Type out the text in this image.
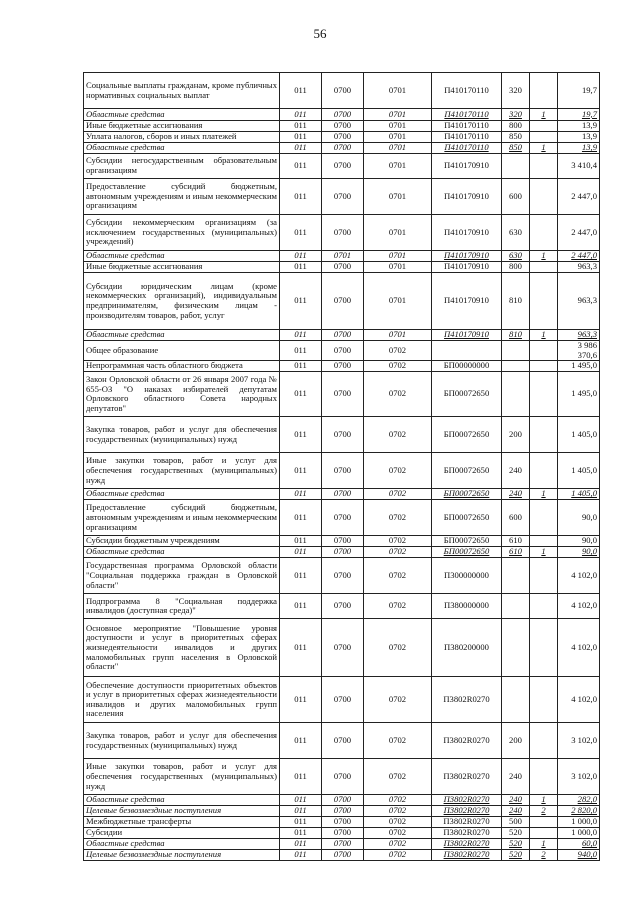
56
Социальные выплаты гражданам, кроме публичных нормативных социальных выплат	011	0700	0701	П410170110	320		19,7
Областные средства	011	0700	0701	П410170110	320	1	19,7
Иные бюджетные ассигнования	011	0700	0701	П410170110	800		13,9
Уплата налогов, сборов и иных платежей	011	0700	0701	П410170110	850		13,9
Областные средства	011	0700	0701	П410170110	850	1	13,9
Субсидии негосударственным образовательным организациям	011	0700	0701	П410170910			3 410,4
Предоставление субсидий бюджетным, автономным учреждениям и иным некоммерческим организациям	011	0700	0701	П410170910	600		2 447,0
Субсидии некоммерческим организациям (за исключением государственных (муниципальных) учреждений)	011	0700	0701	П410170910	630		2 447,0
Областные средства	011	0701	0701	П410170910	630	1	2 447,0
Иные бюджетные ассигнования	011	0700	0701	П410170910	800		963,3
Субсидии юридическим лицам (кроме некоммерческих организаций), индивидуальным предпринимателям, физическим лицам - производителям товаров, работ, услуг	011	0700	0701	П410170910	810		963,3
Областные средства	011	0700	0701	П410170910	810	1	963,3
Общее образование	011	0700	0702				3 986 370,6
Непрограммная часть областного бюджета	011	0700	0702	БП00000000			1 495,0
Закон Орловской области от 26 января 2007 года № 655-ОЗ "О наказах избирателей депутатам Орловского областного Совета народных депутатов"	011	0700	0702	БП00072650			1 495,0
Закупка товаров, работ и услуг для обеспечения государственных (муниципальных) нужд	011	0700	0702	БП00072650	200		1 405,0
Иные закупки товаров, работ и услуг для обеспечения государственных (муниципальных) нужд	011	0700	0702	БП00072650	240		1 405,0
Областные средства	011	0700	0702	БП00072650	240	1	1 405,0
Предоставление субсидий бюджетным, автономным учреждениям и иным некоммерческим организациям	011	0700	0702	БП00072650	600		90,0
Субсидии бюджетным учреждениям	011	0700	0702	БП00072650	610		90,0
Областные средства	011	0700	0702	БП00072650	610	1	90,0
Государственная программа Орловской области "Социальная поддержка граждан в Орловской области"	011	0700	0702	П300000000			4 102,0
Подпрограмма 8 "Социальная поддержка инвалидов (доступная среда)"	011	0700	0702	П380000000			4 102,0
Основное мероприятие "Повышение уровня доступности и услуг в приоритетных сферах жизнедеятельности инвалидов и других маломобильных групп населения в Орловской области"	011	0700	0702	П380200000			4 102,0
Обеспечение доступности приоритетных объектов и услуг в приоритетных сферах жизнедеятельности инвалидов и других маломобильных групп населения	011	0700	0702	П3802R0270			4 102,0
Закупка товаров, работ и услуг для обеспечения государственных (муниципальных) нужд	011	0700	0702	П3802R0270	200		3 102,0
Иные закупки товаров, работ и услуг для обеспечения государственных (муниципальных) нужд	011	0700	0702	П3802R0270	240		3 102,0
Областные средства	011	0700	0702	П3802R0270	240	1	282,0
Целевые безвозмездные поступления	011	0700	0702	П3802R0270	240	2	2 820,0
Межбюджетные трансферты	011	0700	0702	П3802R0270	500		1 000,0
Субсидии	011	0700	0702	П3802R0270	520		1 000,0
Областные средства	011	0700	0702	П3802R0270	520	1	60,0
Целевые безвозмездные поступления	011	0700	0702	П3802R0270	520	2	940,0
